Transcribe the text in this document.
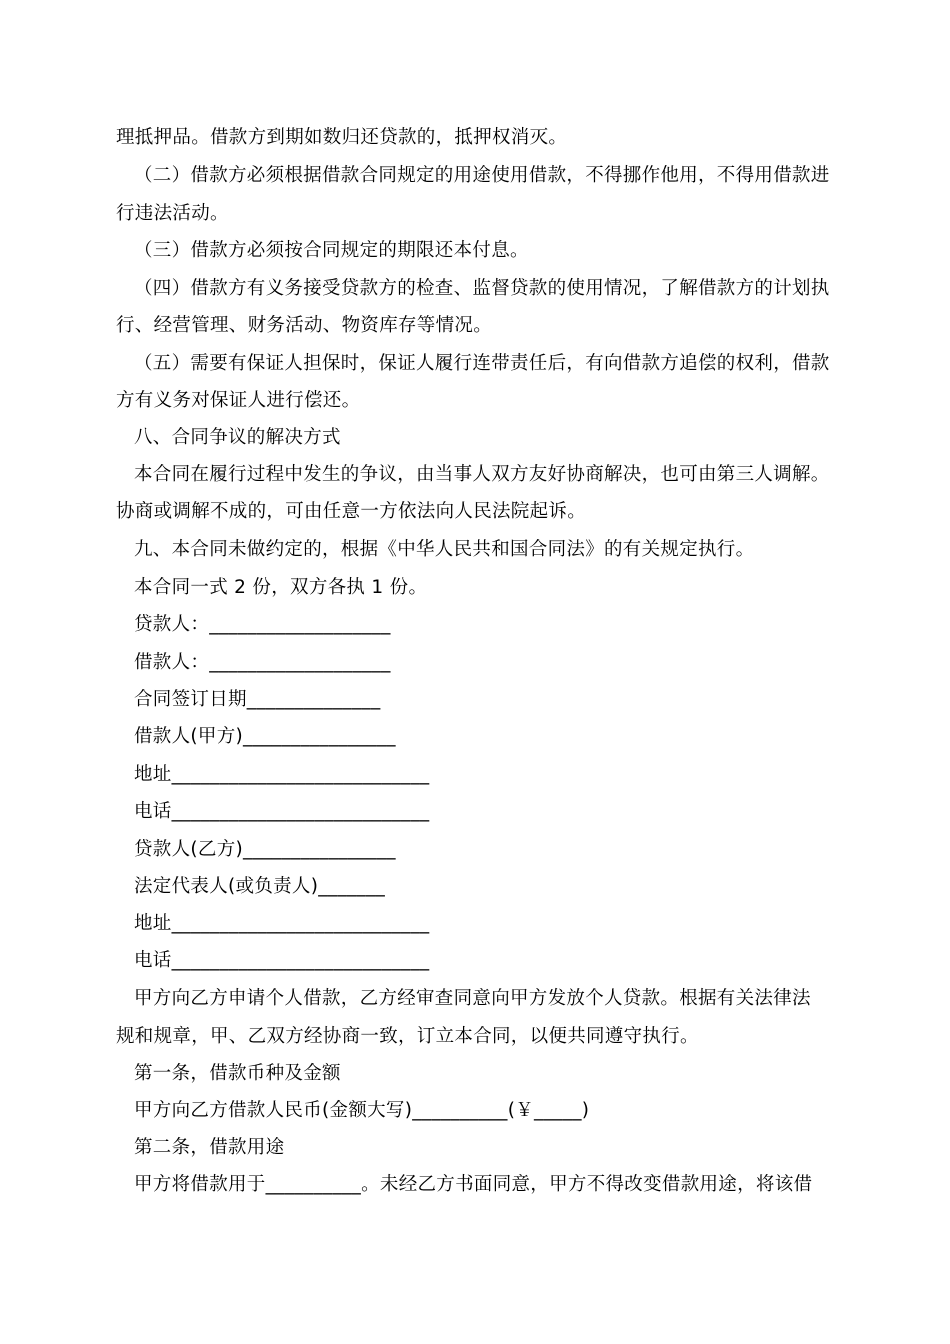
理抵押品。借款方到期如数归还贷款的，抵押权消灭。
（二）借款方必须根据借款合同规定的用途使用借款，不得挪作他用，不得用借款进
行违法活动。
（三）借款方必须按合同规定的期限还本付息。
（四）借款方有义务接受贷款方的检查、监督贷款的使用情况，了解借款方的计划执
行、经营管理、财务活动、物资库存等情况。
（五）需要有保证人担保时，保证人履行连带责任后，有向借款方追偿的权利，借款
方有义务对保证人进行偿还。
八、合同争议的解决方式
本合同在履行过程中发生的争议，由当事人双方友好协商解决，也可由第三人调解。
协商或调解不成的，可由任意一方依法向人民法院起诉。
九、本合同未做约定的，根据《中华人民共和国合同法》的有关规定执行。
本合同一式 2 份，双方各执 1 份。
贷款人：___________________
借款人：___________________
合同签订日期______________
借款人(甲方)________________
地址___________________________
电话___________________________
贷款人(乙方)________________
法定代表人(或负责人)_______
地址___________________________
电话___________________________
甲方向乙方申请个人借款，乙方经审查同意向甲方发放个人贷款。根据有关法律法
规和规章，甲、乙双方经协商一致，订立本合同，以便共同遵守执行。
第一条，借款币种及金额
甲方向乙方借款人民币(金额大写)__________(￥_____)
第二条，借款用途
甲方将借款用于__________。未经乙方书面同意，甲方不得改变借款用途，将该借
